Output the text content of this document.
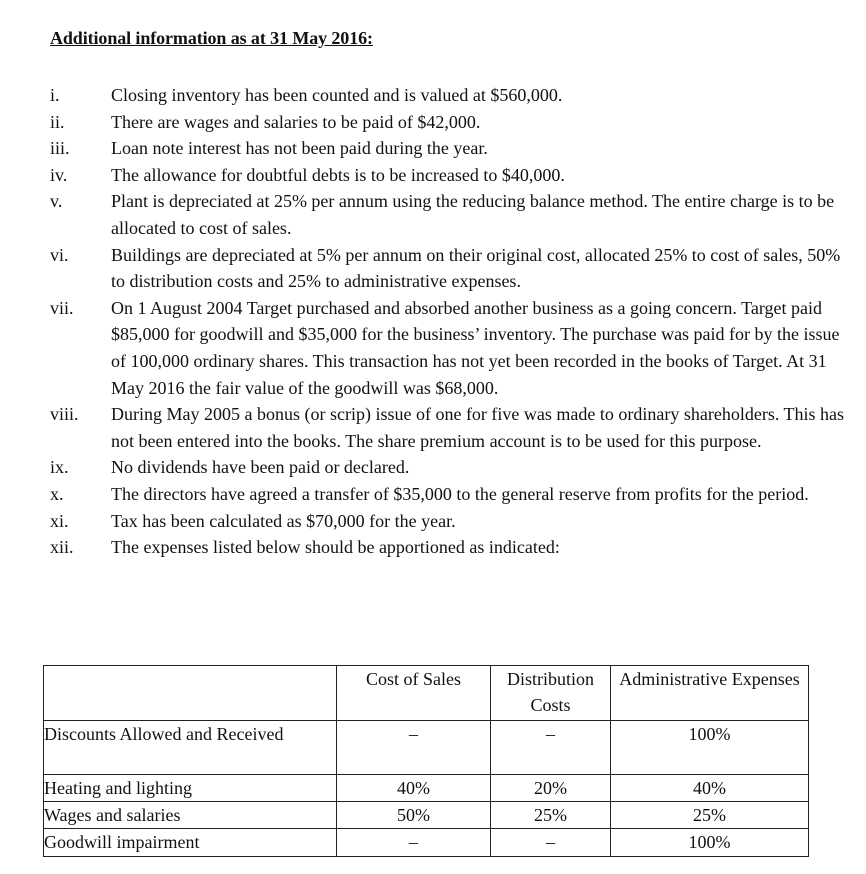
Additional information as at 31 May 2016:
i.	Closing inventory has been counted and is valued at $560,000.
ii.	There are wages and salaries to be paid of $42,000.
iii.	Loan note interest has not been paid during the year.
iv.	The allowance for doubtful debts is to be increased to $40,000.
v.	Plant is depreciated at 25% per annum using the reducing balance method. The entire charge is to be allocated to cost of sales.
vi.	Buildings are depreciated at 5% per annum on their original cost, allocated 25% to cost of sales, 50% to distribution costs and 25% to administrative expenses.
vii.	On 1 August 2004 Target purchased and absorbed another business as a going concern. Target paid $85,000 for goodwill and $35,000 for the business’ inventory. The purchase was paid for by the issue of 100,000 ordinary shares. This transaction has not yet been recorded in the books of Target. At 31 May 2016 the fair value of the goodwill was $68,000.
viii.	During May 2005 a bonus (or scrip) issue of one for five was made to ordinary shareholders. This has not been entered into the books. The share premium account is to be used for this purpose.
ix.	No dividends have been paid or declared.
x.	The directors have agreed a transfer of $35,000 to the general reserve from profits for the period.
xi.	Tax has been calculated as $70,000 for the year.
xii.	The expenses listed below should be apportioned as indicated:
	Cost of Sales	Distribution Costs	Administrative Expenses
Discounts Allowed and Received	–	–	100%
Heating and lighting	40%	20%	40%
Wages and salaries	50%	25%	25%
Goodwill impairment	–	–	100%
